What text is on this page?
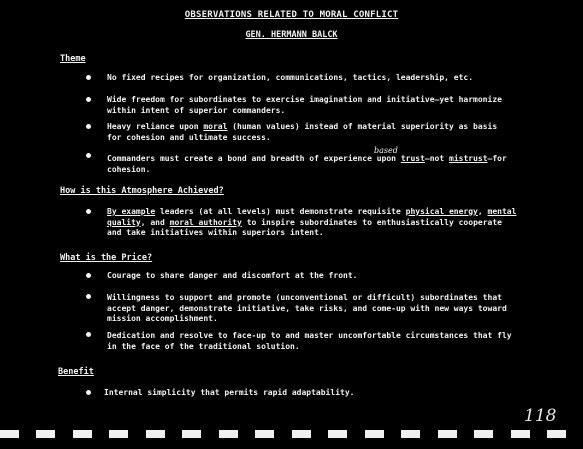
OBSERVATIONS RELATED TO MORAL CONFLICT
GEN. HERMANN BALCK
Theme
No fixed recipes for organization, communications, tactics, leadership, etc.
Wide freedom for subordinates to exercise imagination and initiative—yet harmonize within intent of superior commanders.
Heavy reliance upon moral (human values) instead of material superiority as basis for cohesion and ultimate success.
based
Commanders must create a bond and breadth of experience upon trust—not mistrust—for cohesion.
How is this Atmosphere Achieved?
By example leaders (at all levels) must demonstrate requisite physical energy, mental quality, and moral authority to inspire subordinates to enthusiastically cooperate and take initiatives within superiors intent.
What is the Price?
Courage to share danger and discomfort at the front.
Willingness to support and promote (unconventional or difficult) subordinates that accept danger, demonstrate initiative, take risks, and come-up with new ways toward mission accomplishment.
Dedication and resolve to face-up to and master uncomfortable circumstances that fly in the face of the traditional solution.
Benefit
Internal simplicity that permits rapid adaptability.
118
